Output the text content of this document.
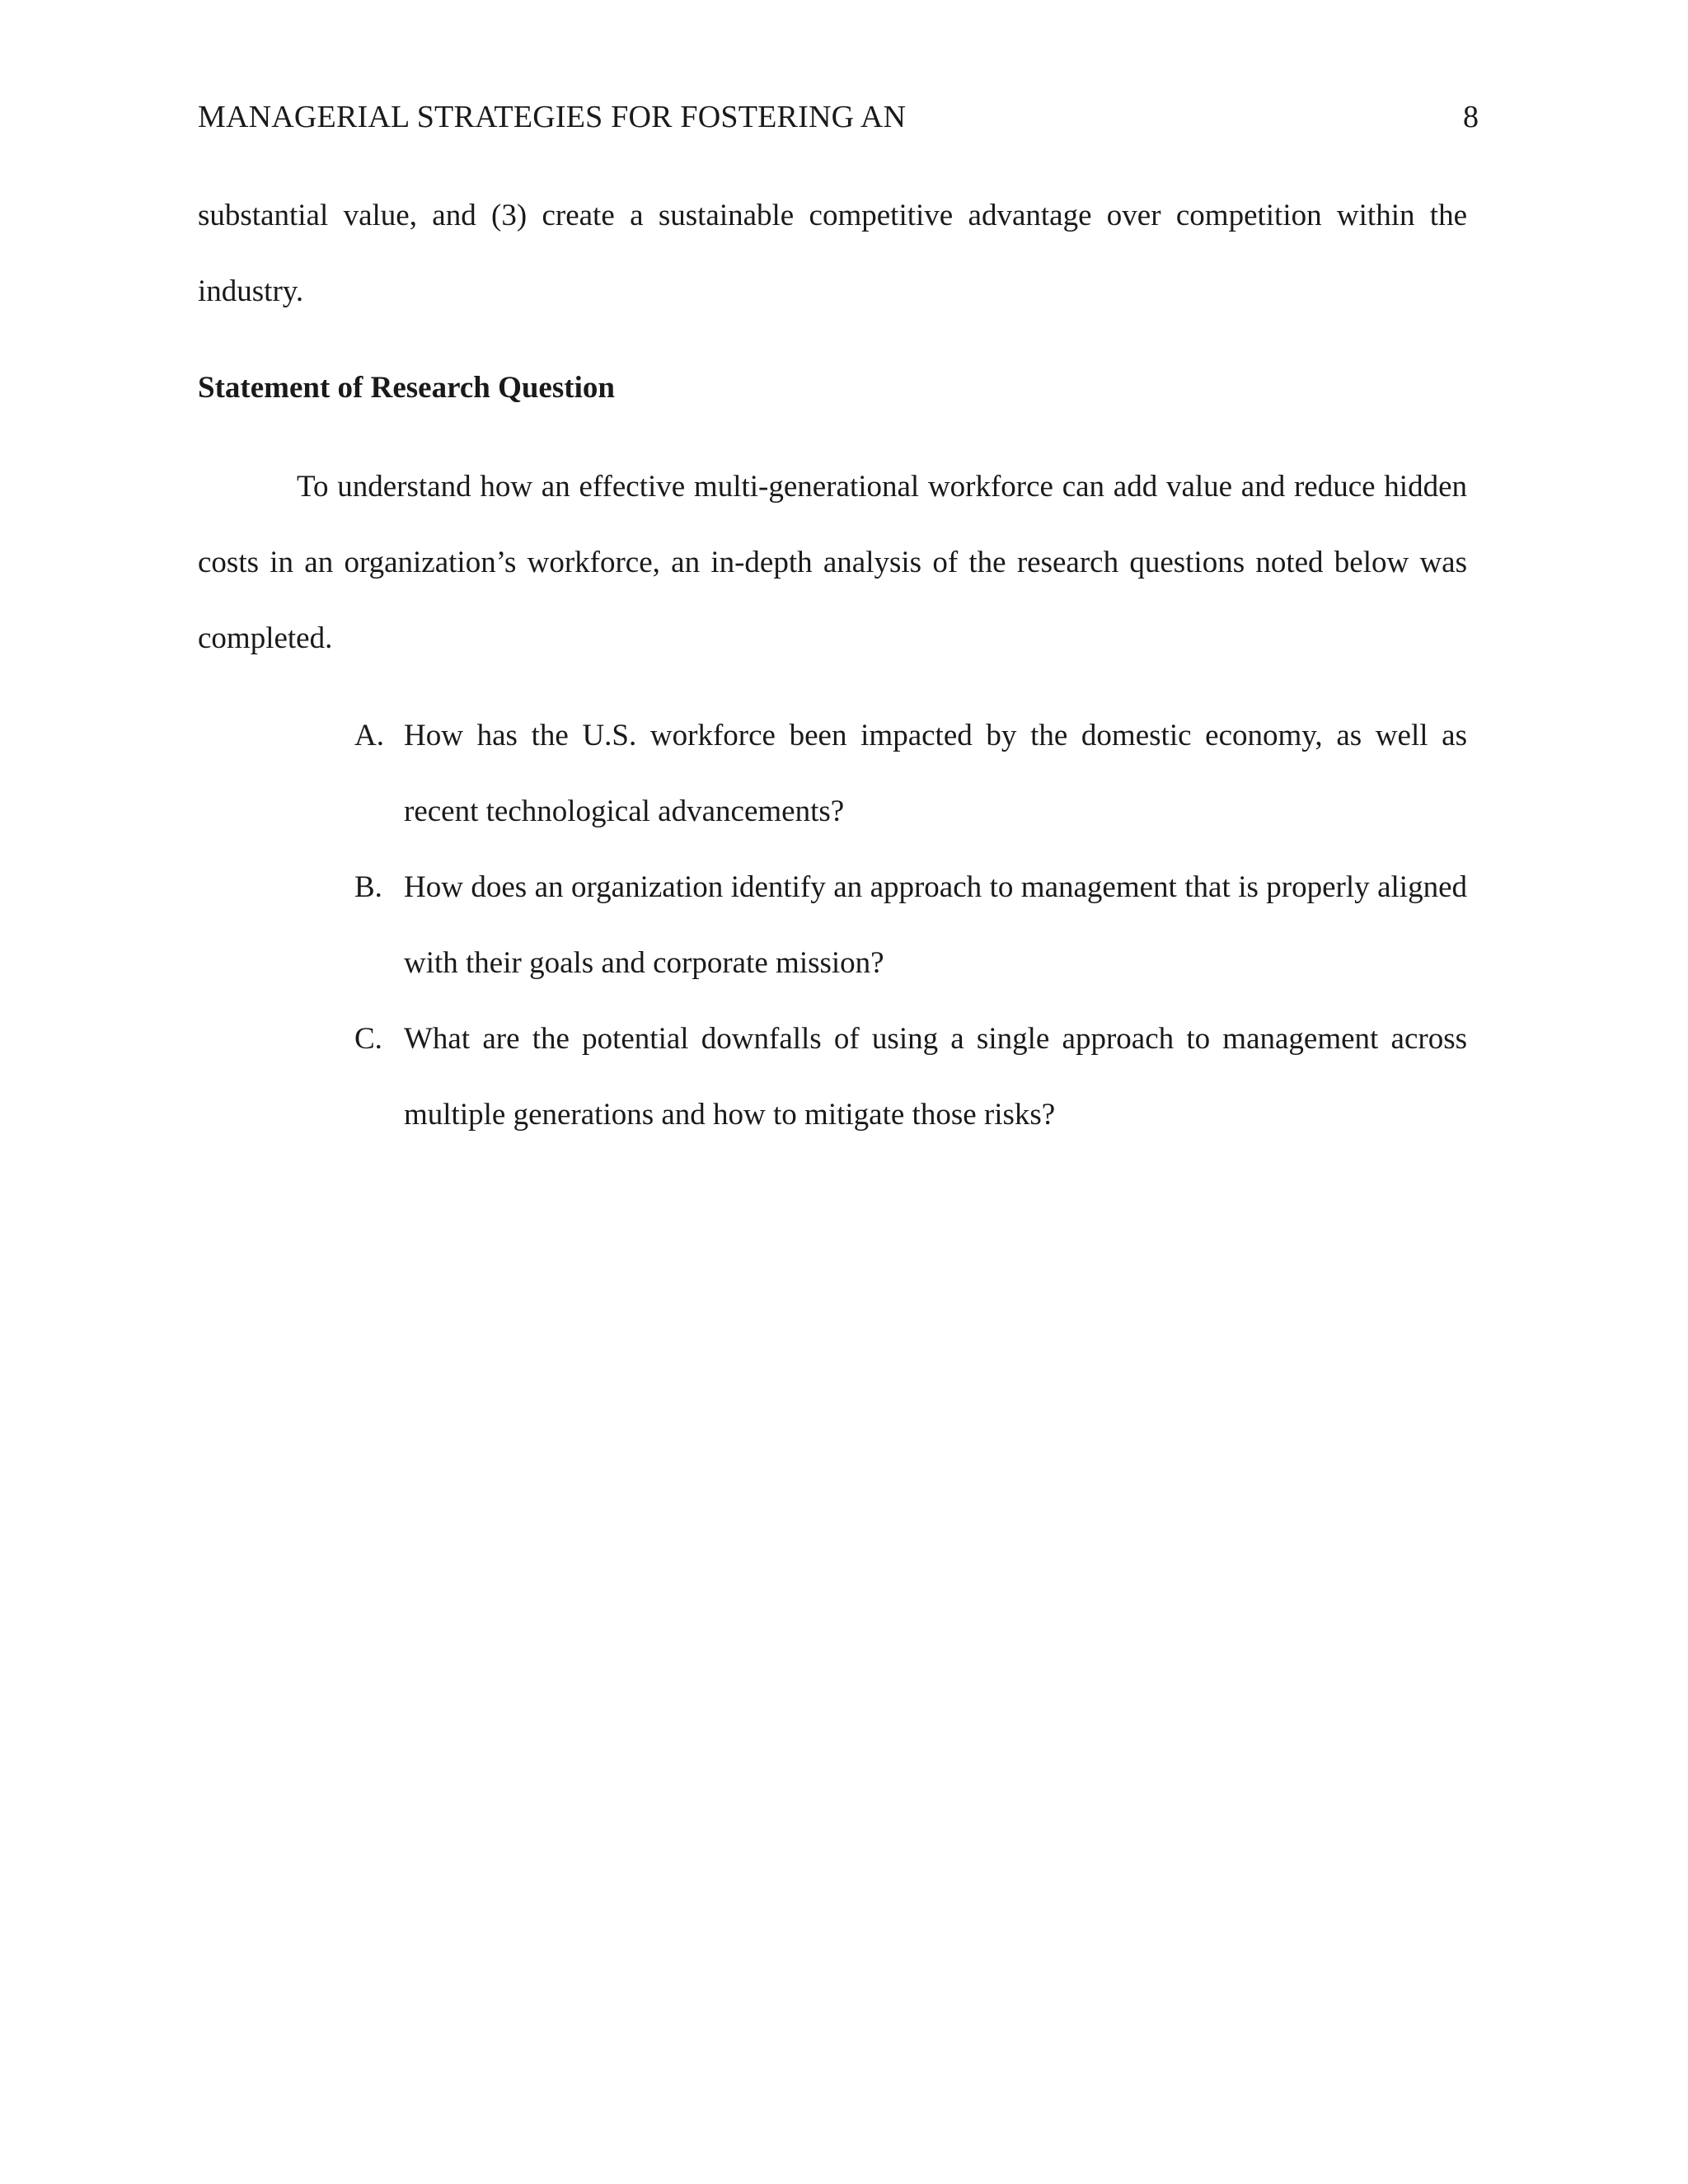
MANAGERIAL STRATEGIES FOR FOSTERING AN	8

substantial value, and (3) create a sustainable competitive advantage over competition within the industry.

Statement of Research Question

To understand how an effective multi-generational workforce can add value and reduce hidden costs in an organization’s workforce, an in-depth analysis of the research questions noted below was completed.

A. How has the U.S. workforce been impacted by the domestic economy, as well as recent technological advancements?
B. How does an organization identify an approach to management that is properly aligned with their goals and corporate mission?
C. What are the potential downfalls of using a single approach to management across multiple generations and how to mitigate those risks?
